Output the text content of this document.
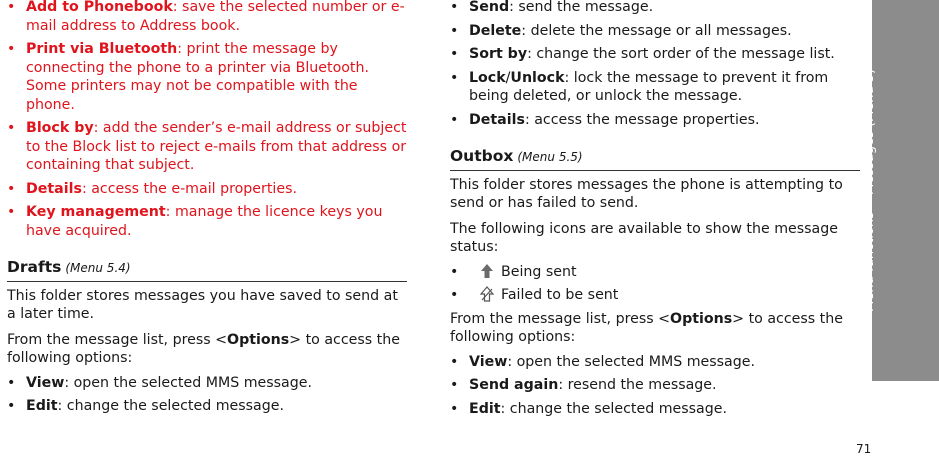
• Add to Phonebook: save the selected number or e-mail address to Address book.
• Print via Bluetooth: print the message by connecting the phone to a printer via Bluetooth. Some printers may not be compatible with the phone.
• Block by: add the sender’s e-mail address or subject to the Block list to reject e-mails from that address or containing that subject.
• Details: access the e-mail properties.
• Key management: manage the licence keys you have acquired.
Drafts (Menu 5.4)

This folder stores messages you have saved to send at a later time.

From the message list, press <Options> to access the following options:

• View: open the selected MMS message.
• Edit: change the selected message.
• Send: send the message.
• Delete: delete the message or all messages.
• Sort by: change the sort order of the message list.
• Lock/Unlock: lock the message to prevent it from being deleted, or unlock the message.
• Details: access the message properties.
Outbox (Menu 5.5)

This folder stores messages the phone is attempting to send or has failed to send.

The following icons are available to show the message status:

• Being sent
• Failed to be sent

From the message list, press <Options> to access the following options:

• View: open the selected MMS message.
• Send again: resend the message.
• Edit: change the selected message.
Menu functions    Messages (Menu 5)
71
